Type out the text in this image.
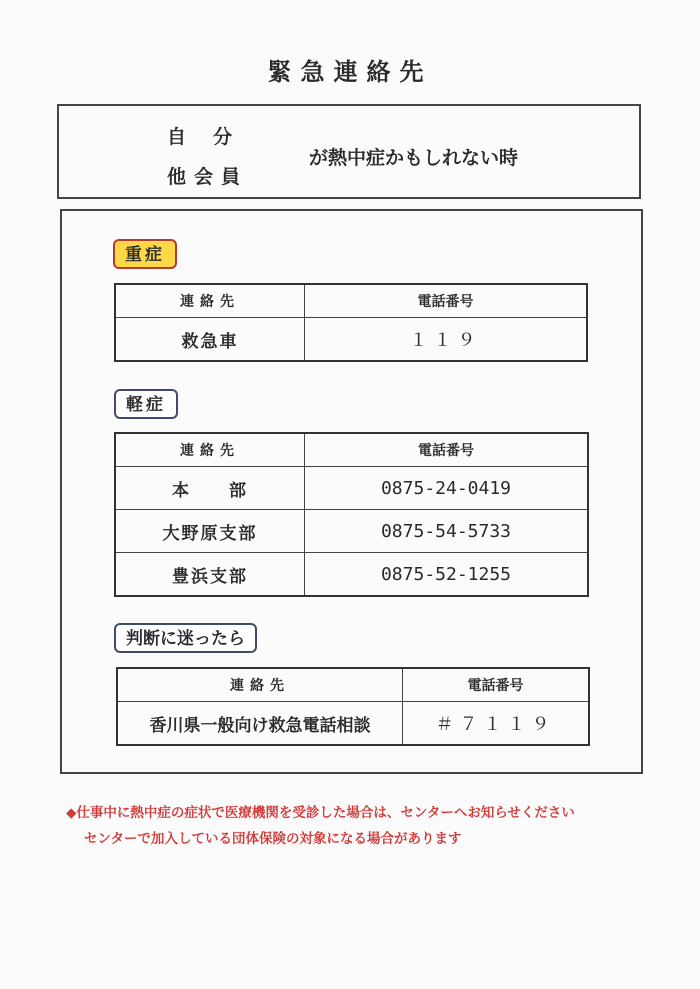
緊急連絡先
自　分
他会員
が熱中症かもしれない時
重症
連絡先	電話番号
救急車	１１９
軽症
連絡先	電話番号
本　　部	0875-24-0419
大野原支部	0875-54-5733
豊浜支部	0875-52-1255
判断に迷ったら
連絡先	電話番号
香川県一般向け救急電話相談	＃７１１９
◆仕事中に熱中症の症状で医療機関を受診した場合は、センターへお知らせください
センターで加入している団体保険の対象になる場合があります
